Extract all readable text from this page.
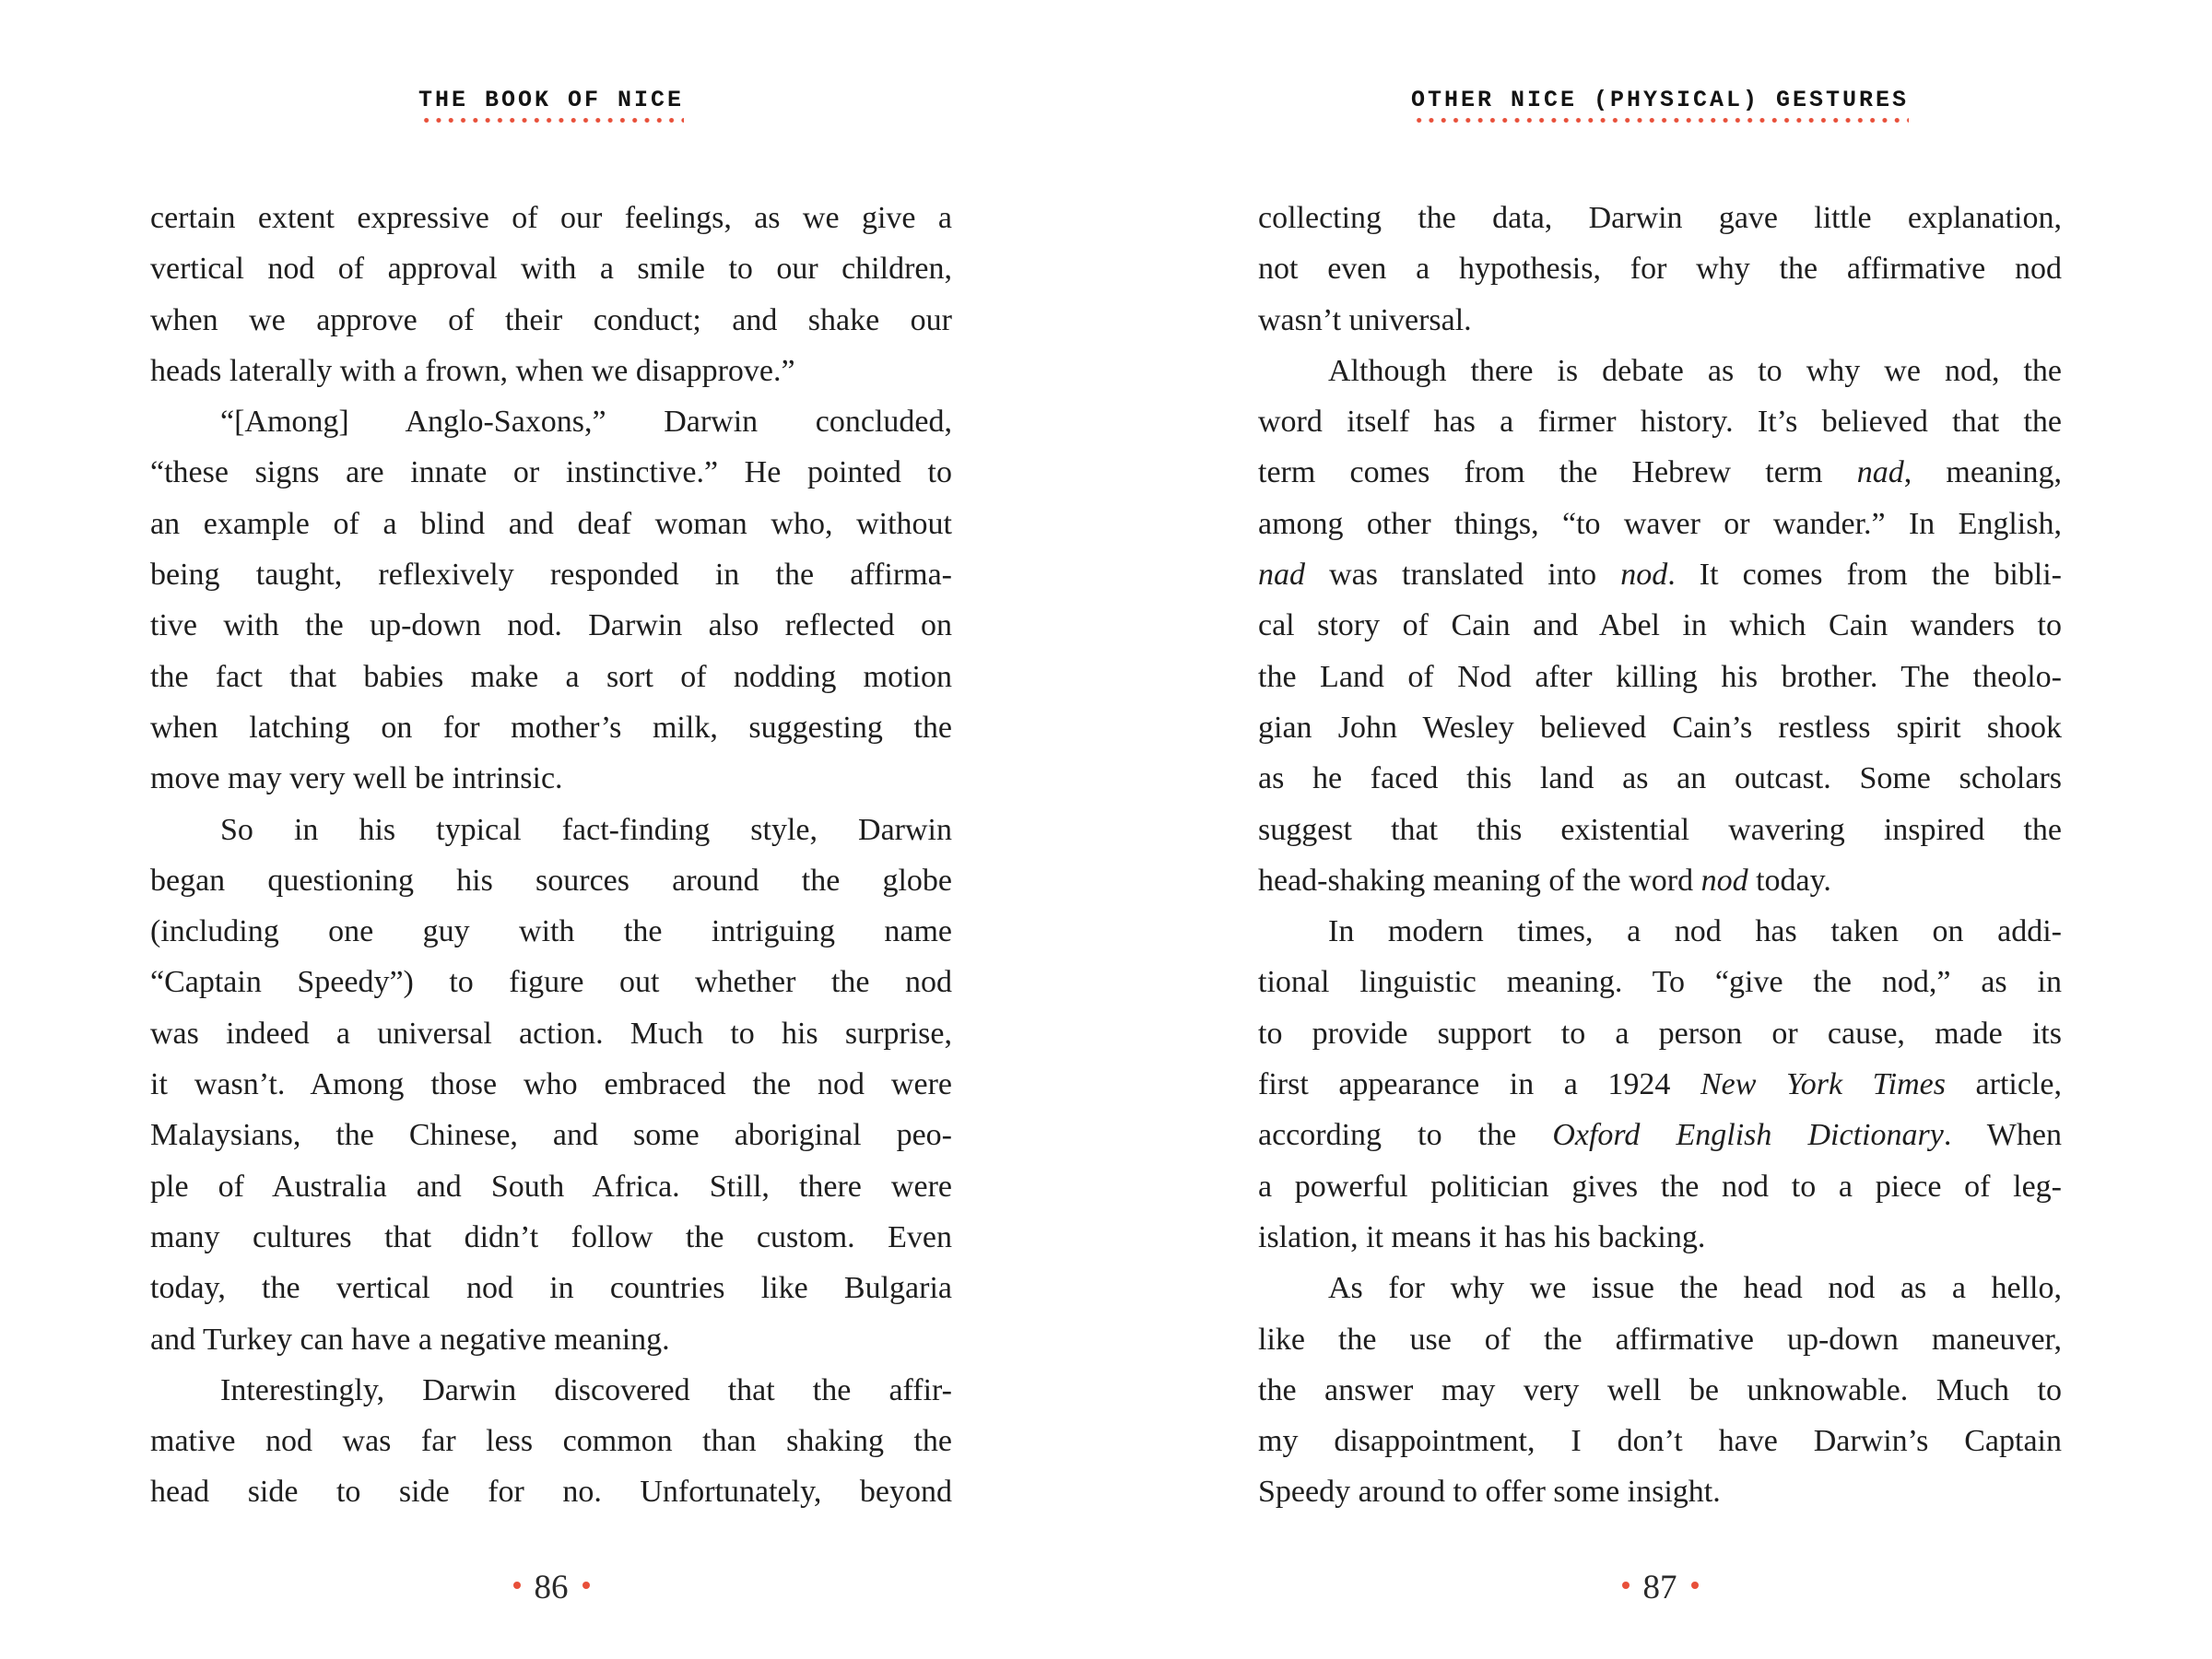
THE BOOK OF NICE
certain extent expressive of our feelings, as we give a
vertical nod of approval with a smile to our children,
when we approve of their conduct; and shake our
heads laterally with a frown, when we disapprove.”
“[Among] Anglo-Saxons,” Darwin concluded,
“these signs are innate or instinctive.” He pointed to
an example of a blind and deaf woman who, without
being taught, reflexively responded in the affirma-
tive with the up-down nod. Darwin also reflected on
the fact that babies make a sort of nodding motion
when latching on for mother’s milk, suggesting the
move may very well be intrinsic.
So in his typical fact-finding style, Darwin
began questioning his sources around the globe
(including one guy with the intriguing name
“Captain Speedy”) to figure out whether the nod
was indeed a universal action. Much to his surprise,
it wasn’t. Among those who embraced the nod were
Malaysians, the Chinese, and some aboriginal peo-
ple of Australia and South Africa. Still, there were
many cultures that didn’t follow the custom. Even
today, the vertical nod in countries like Bulgaria
and Turkey can have a negative meaning.
Interestingly, Darwin discovered that the affir-
mative nod was far less common than shaking the
head side to side for no. Unfortunately, beyond
86
OTHER NICE (PHYSICAL) GESTURES
collecting the data, Darwin gave little explanation,
not even a hypothesis, for why the affirmative nod
wasn’t universal.
Although there is debate as to why we nod, the
word itself has a firmer history. It’s believed that the
term comes from the Hebrew term nad, meaning,
among other things, “to waver or wander.” In English,
nad was translated into nod. It comes from the bibli-
cal story of Cain and Abel in which Cain wanders to
the Land of Nod after killing his brother. The theolo-
gian John Wesley believed Cain’s restless spirit shook
as he faced this land as an outcast. Some scholars
suggest that this existential wavering inspired the
head-shaking meaning of the word nod today.
In modern times, a nod has taken on addi-
tional linguistic meaning. To “give the nod,” as in
to provide support to a person or cause, made its
first appearance in a 1924 New York Times article,
according to the Oxford English Dictionary. When
a powerful politician gives the nod to a piece of leg-
islation, it means it has his backing.
As for why we issue the head nod as a hello,
like the use of the affirmative up-down maneuver,
the answer may very well be unknowable. Much to
my disappointment, I don’t have Darwin’s Captain
Speedy around to offer some insight.
87
